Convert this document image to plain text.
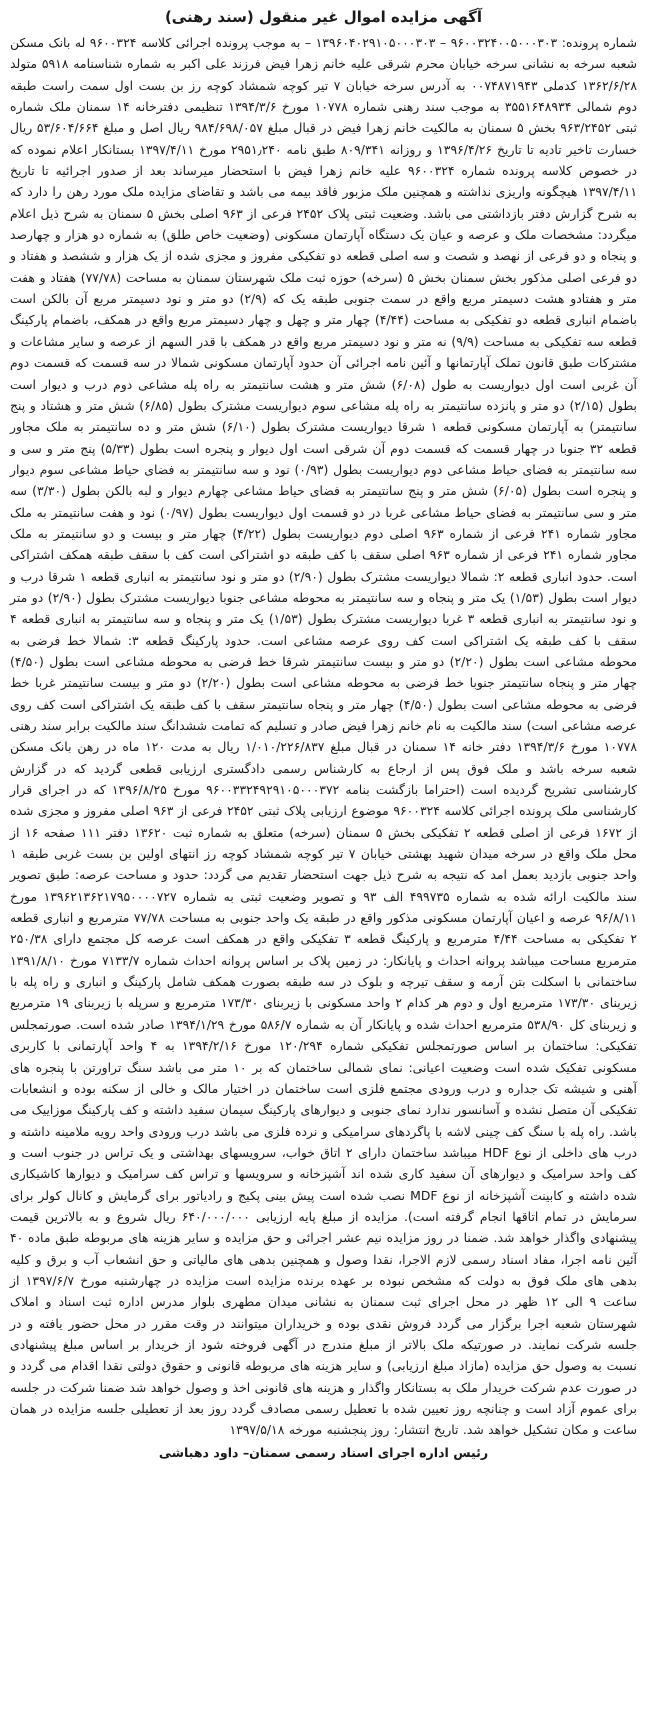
آگهی مزایده اموال غیر منقول (سند رهنی)

شماره پرونده: ۹۶۰۰۳۲۴۰۰۵۰۰۰۳۰۳ – ۱۳۹۶۰۴۰۲۹۱۰۵۰۰۰۳۰۳ – به موجب پرونده اجرائی کلاسه ۹۶۰۰۳۲۴ له بانک مسکن شعبه سرخه به نشانی سرخه خیابان محرم شرقی علیه خانم زهرا فیض فرزند علی اکبر به شماره شناسنامه ۵۹۱۸ متولد ۱۳۶۲/۶/۲۸ کدملی ۰۰۷۴۸۷۱۹۴۳ به آدرس سرخه خیابان ۷ تیر کوچه شمشاد کوچه رز بن بست اول سمت راست طبقه دوم شمالی ۳۵۵۱۶۴۸۹۳۴ به موجب سند رهنی شماره ۱۰۷۷۸ مورخ ۱۳۹۴/۳/۶ تنظیمی دفترخانه ۱۴ سمنان ملک شماره ثبتی ۹۶۳/۲۴۵۲ بخش ۵ سمنان به مالکیت خانم زهرا فیض در قبال مبلغ ۹۸۴/۶۹۸/۰۵۷ ریال اصل و مبلغ ۵۳/۶۰۴/۶۶۴ ریال خسارت تاخیر تادیه تا تاریخ ۱۳۹۶/۴/۲۶ و روزانه ۸۰۹/۳۴۱ طبق نامه ۲۹۵۱٫۲۴۰ مورخ ۱۳۹۷/۴/۱۱ بستانکار اعلام نموده که در خصوص کلاسه پرونده شماره ۹۶۰۰۳۲۴ علیه خانم زهرا فیض با استحضار میرساند بعد از صدور اجرائیه تا تاریخ ۱۳۹۷/۴/۱۱ هیچگونه واریزی نداشته و همچنین ملک مزبور فاقد بیمه می باشد و تقاضای مزایده ملک مورد رهن را دارد که به شرح گزارش دفتر بازداشتی می باشد. وضعیت ثبتی پلاک ۲۴۵۲ فرعی از ۹۶۳ اصلی بخش ۵ سمنان به شرح ذیل اعلام میگردد: مشخصات ملک و عرصه و عیان یک دستگاه آپارتمان مسکونی (وضعیت خاص طلق) به شماره دو هزار و چهارصد و پنجاه و دو فرعی از نهصد و شصت و سه اصلی قطعه دو تفکیکی مفروز و مجزی شده از یک هزار و ششصد و هفتاد و دو فرعی اصلی مذکور بخش سمنان بخش ۵ (سرخه) حوزه ثبت ملک شهرستان سمنان به مساحت (۷۷/۷۸) هفتاد و هفت متر و هفتادو هشت دسیمتر مربع واقع در سمت جنوبی طبقه یک که (۲/۹) دو متر و نود دسیمتر مربع آن بالکن است باضمام انباری قطعه دو تفکیکی به مساحت (۴/۴۴) چهار متر و چهل و چهار دسیمتر مربع واقع در همکف، باضمام پارکینگ قطعه سه تفکیکی به مساحت (۹/۹) نه متر و نود دسیمتر مربع واقع در همکف با قدر السهم از عرصه و سایر مشاعات و مشترکات طبق قانون تملک آپارتمانها و آئین نامه اجرائی آن حدود آپارتمان مسکونی شمالا در سه قسمت که قسمت دوم آن غربی است اول دیواریست به طول (۶/۰۸) شش متر و هشت سانتیمتر به راه پله مشاعی دوم درب و دیوار است بطول (۲/۱۵) دو متر و پانزده سانتیمتر به راه پله مشاعی سوم دیواریست مشترک بطول (۶/۸۵) شش متر و هشتاد و پنج سانتیمتر) به آپارتمان مسکونی قطعه ۱ شرقا دیواریست مشترک بطول (۶/۱۰) شش متر و ده سانتیمتر به ملک مجاور قطعه ۳۲ جنوبا در چهار قسمت که قسمت دوم آن شرقی است اول دیوار و پنجره است بطول (۵/۳۳) پنج متر و سی و سه سانتیمتر به فضای حیاط مشاعی دوم دیواریست بطول (۰/۹۳) نود و سه سانتیمتر به فضای حیاط مشاعی سوم دیوار و پنجره است بطول (۶/۰۵) شش متر و پنج سانتیمتر به فضای حیاط مشاعی چهارم دیوار و لبه بالکن بطول (۳/۳۰) سه متر و سی سانتیمتر به فضای حیاط مشاعی غربا در دو قسمت اول دیواریست بطول (۰/۹۷) نود و هفت سانتیمتر به ملک مجاور شماره ۲۴۱ فرعی از شماره ۹۶۳ اصلی دوم دیواریست بطول (۴/۲۲) چهار متر و بیست و دو سانتیمتر به ملک مجاور شماره ۲۴۱ فرعی از شماره ۹۶۳ اصلی سقف با کف طبقه دو اشتراکی است کف با سقف طبقه همکف اشتراکی است. حدود انباری قطعه ۲: شمالا دیواریست مشترک بطول (۲/۹۰) دو متر و نود سانتیمتر به انباری قطعه ۱ شرقا درب و دیوار است بطول (۱/۵۳) یک متر و پنجاه و سه سانتیمتر به محوطه مشاعی جنوبا دیواریست مشترک بطول (۲/۹۰) دو متر و نود سانتیمتر به انباری قطعه ۳ غربا دیواریست مشترک بطول (۱/۵۳) یک متر و پنجاه و سه سانتیمتر به انباری قطعه ۴ سقف با کف طبقه یک اشتراکی است کف روی عرصه مشاعی است. حدود پارکینگ قطعه ۳: شمالا خط فرضی به محوطه مشاعی است بطول (۲/۲۰) دو متر و بیست سانتیمتر شرقا خط فرضی به محوطه مشاعی است بطول (۴/۵۰) چهار متر و پنجاه سانتیمتر جنوبا خط فرضی به محوطه مشاعی است بطول (۲/۲۰) دو متر و بیست سانتیمتر غربا خط فرضی به محوطه مشاعی است بطول (۴/۵۰) چهار متر و پنجاه سانتیمتر سقف با کف طبقه یک اشتراکی است کف روی عرصه مشاعی است) سند مالکیت به نام خانم زهرا فیض صادر و تسلیم که تمامت ششدانگ سند مالکیت برابر سند رهنی ۱۰۷۷۸ مورخ ۱۳۹۴/۳/۶ دفتر خانه ۱۴ سمنان در قبال مبلغ ۱/۰۱۰/۲۲۶/۸۳۷ ریال به مدت ۱۲۰ ماه در رهن بانک مسکن شعبه سرخه باشد و ملک فوق پس از ارجاع به کارشناس رسمی دادگستری ارزیابی قطعی گردید که در گزارش کارشناسی تشریح گردیده است (احتراما بازگشت بنامه ۹۶۰۰۳۳۲۴۹۲۹۱۰۵۰۰۰۳۷۲ مورخ ۱۳۹۶/۸/۲۵ که در اجرای قرار کارشناسی ملک پرونده اجرائی کلاسه ۹۶۰۰۳۲۴ موضوع ارزیابی پلاک ثبتی ۲۴۵۲ فرعی از ۹۶۳ اصلی مفروز و مجزی شده از ۱۶۷۲ فرعی از اصلی قطعه ۲ تفکیکی بخش ۵ سمنان (سرخه) متعلق به شماره ثبت ۱۳۶۲۰ دفتر ۱۱۱ صفحه ۱۶ از محل ملک واقع در سرخه میدان شهید بهشتی خیابان ۷ تیر کوچه شمشاد کوچه رز انتهای اولین بن بست غربی طبقه ۱ واحد جنوبی بازدید بعمل امد که نتیجه به شرح ذیل جهت استحضار تقدیم می گردد: حدود و مساحت عرصه: طبق تصویر سند مالکیت ارائه شده به شماره ۴۹۹۷۳۵ الف ۹۳ و تصویر وضعیت ثبتی به شماره ۱۳۹۶۲۱۳۶۲۱۷۹۵۰۰۰۰۷۲۷ مورخ ۹۶/۸/۱۱ عرصه و اعیان آپارتمان مسکونی مذکور واقع در طبقه یک واحد جنوبی به مساحت ۷۷/۷۸ مترمربع و انباری قطعه ۲ تفکیکی به مساحت ۴/۴۴ مترمربع و پارکینگ قطعه ۳ تفکیکی واقع در همکف است عرصه کل مجتمع دارای ۲۵۰/۳۸ مترمربع مساحت میباشد پروانه احداث و پایانکار: در زمین پلاک بر اساس پروانه احداث شماره ۷۱۳۳/۷ مورخ ۱۳۹۱/۸/۱۰ ساختمانی با اسکلت بتن آرمه و سقف تیرچه و بلوک در سه طبقه بصورت همکف شامل پارکینگ و انباری و راه پله با زیربنای ۱۷۳/۳۰ مترمربع اول و دوم هر کدام ۲ واحد مسکونی با زیربنای ۱۷۳/۳۰ مترمربع و سرپله با زیربنای ۱۹ مترمربع و زیربنای کل ۵۳۸/۹۰ مترمربع احداث شده و پایانکار آن به شماره ۵۸۶/۷ مورخ ۱۳۹۴/۱/۲۹ صادر شده است. صورتمجلس تفکیکی: ساختمان بر اساس صورتمجلس تفکیکی شماره ۱۲۰/۲۹۴ مورخ ۱۳۹۴/۲/۱۶ به ۴ واحد آپارتمانی با کاربری مسکونی تفکیک شده است وضعیت اعیانی: نمای شمالی ساختمان که بر ۱۰ متر می باشد سنگ تراورتن با پنجره های آهنی و شیشه تک جداره و درب ورودی مجتمع فلزی است ساختمان در اختیار مالک و خالی از سکنه بوده و انشعابات تفکیکی آن متصل نشده و آسانسور ندارد نمای جنوبی و دیوارهای پارکینگ سیمان سفید داشته و کف پارکینگ موزاییک می باشد. راه پله با سنگ کف چینی لاشه با پاگردهای سرامیکی و نرده فلزی می باشد درب ورودی واحد رویه ملامینه داشته و درب های داخلی از نوع HDF میباشد ساختمان دارای ۲ اتاق خواب، سرویسهای بهداشتی و یک تراس در جنوب است و کف واحد سرامیک و دیوارهای آن سفید کاری شده اند آشپزخانه و سرویسها و تراس کف سرامیک و دیوارها کاشیکاری شده داشته و کابینت آشپزخانه از نوع MDF نصب شده است پیش بینی پکیج و رادیاتور برای گرمایش و کانال کولر برای سرمایش در تمام اتاقها انجام گرفته است). مزایده از مبلغ پایه ارزیابی ۶۴۰/۰۰۰/۰۰۰ ریال شروع و به بالاترین قیمت پیشنهادی واگذار خواهد شد. ضمنا در روز مزایده نیم عشر اجرائی و حق مزایده و سایر هزینه های مربوطه طبق ماده ۴۰ آئین نامه اجرا، مفاد اسناد رسمی لازم الاجرا، نقدا وصول و همچنین بدهی های مالیاتی و حق انشعاب آب و برق و کلیه بدهی های ملک فوق به دولت که مشخص نبوده بر عهده برنده مزایده است مزایده در چهارشنبه مورخ ۱۳۹۷/۶/۷ از ساعت ۹ الی ۱۲ ظهر در محل اجرای ثبت سمنان به نشانی میدان مطهری بلوار مدرس اداره ثبت اسناد و املاک شهرستان شعبه اجرا برگزار می گردد فروش نقدی بوده و خریداران میتوانند در وقت مقرر در محل حضور یافته و در جلسه شرکت نمایند. در صورتیکه ملک بالاتر از مبلغ مندرج در آگهی فروخته شود از خریدار بر اساس مبلغ پیشنهادی نسبت به وصول حق مزایده (مازاد مبلغ ارزیابی) و سایر هزینه های مربوطه قانونی و حقوق دولتی نقدا اقدام می گردد و در صورت عدم شرکت خریدار ملک به بستانکار واگذار و هزینه های قانونی اخذ و وصول خواهد شد ضمنا شرکت در جلسه برای عموم آزاد است و چنانچه روز تعیین شده با تعطیل رسمی مصادف گردد روز بعد از تعطیلی جلسه مزایده در همان ساعت و مکان تشکیل خواهد شد. تاریخ انتشار: روز پنجشنبه مورخه ۱۳۹۷/۵/۱۸

رئیس اداره اجرای اسناد رسمی سمنان– داود دهباشی
